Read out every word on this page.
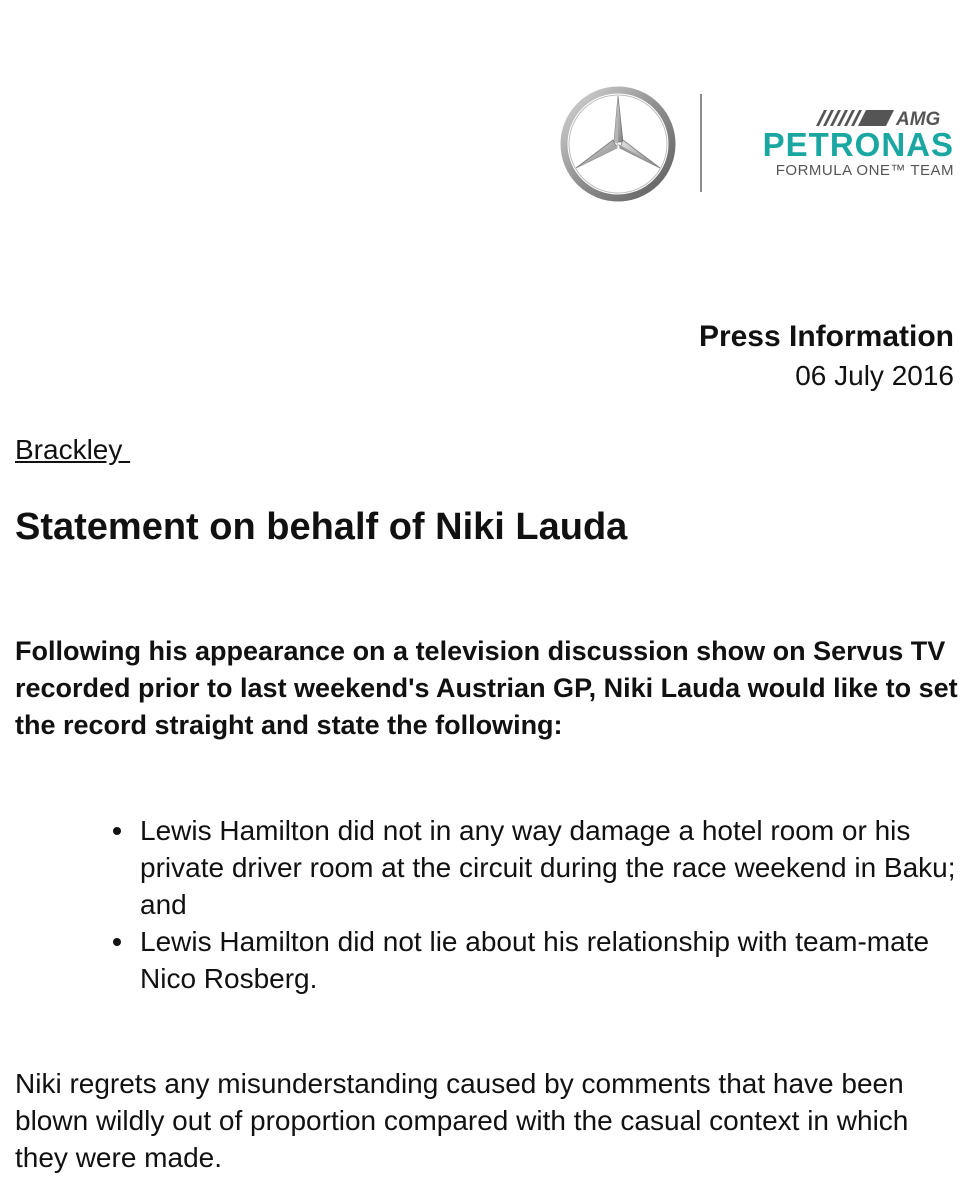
AMG
PETRONAS
FORMULA ONE™ TEAM
Press Information
06 July 2016
Brackley
Statement on behalf of Niki Lauda

Following his appearance on a television discussion show on Servus TV recorded prior to last weekend's Austrian GP, Niki Lauda would like to set the record straight and state the following:

Lewis Hamilton did not in any way damage a hotel room or his private driver room at the circuit during the race weekend in Baku; and
Lewis Hamilton did not lie about his relationship with team-mate Nico Rosberg.

Niki regrets any misunderstanding caused by comments that have been blown wildly out of proportion compared with the casual context in which they were made.
